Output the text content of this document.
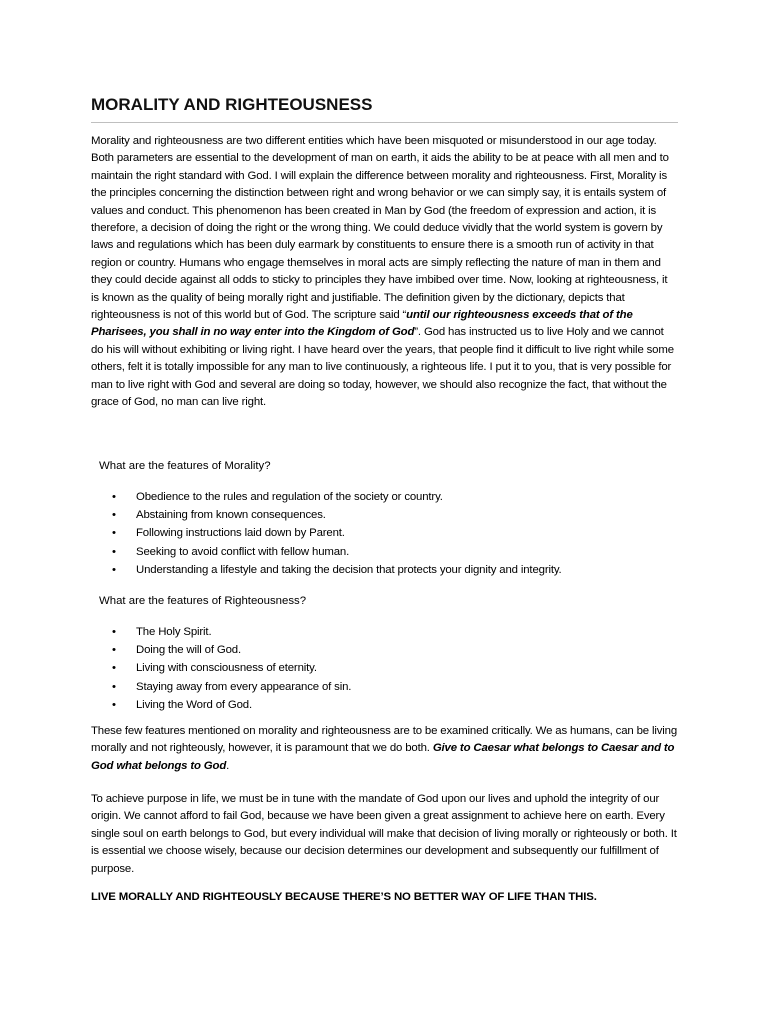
MORALITY AND RIGHTEOUSNESS

Morality and righteousness are two different entities which have been misquoted or misunderstood in our age today. Both parameters are essential to the development of man on earth, it aids the ability to be at peace with all men and to maintain the right standard with God. I will explain the difference between morality and righteousness. First, Morality is the principles concerning the distinction between right and wrong behavior or we can simply say, it is entails system of values and conduct. This phenomenon has been created in Man by God (the freedom of expression and action, it is therefore, a decision of doing the right or the wrong thing. We could deduce vividly that the world system is govern by laws and regulations which has been duly earmark by constituents to ensure there is a smooth run of activity in that region or country. Humans who engage themselves in moral acts are simply reflecting the nature of man in them and they could decide against all odds to sticky to principles they have imbibed over time. Now, looking at righteousness, it is known as the quality of being morally right and justifiable. The definition given by the dictionary, depicts that righteousness is not of this world but of God. The scripture said “until our righteousness exceeds that of the Pharisees, you shall in no way enter into the Kingdom of God”. God has instructed us to live Holy and we cannot do his will without exhibiting or living right. I have heard over the years, that people find it difficult to live right while some others, felt it is totally impossible for any man to live continuously, a righteous life. I put it to you, that is very possible for man to live right with God and several are doing so today, however, we should also recognize the fact, that without the grace of God, no man can live right.

What are the features of Morality?

• Obedience to the rules and regulation of the society or country.
• Abstaining from known consequences.
• Following instructions laid down by Parent.
• Seeking to avoid conflict with fellow human.
• Understanding a lifestyle and taking the decision that protects your dignity and integrity.

What are the features of Righteousness?

• The Holy Spirit.
• Doing the will of God.
• Living with consciousness of eternity.
• Staying away from every appearance of sin.
• Living the Word of God.

These few features mentioned on morality and righteousness are to be examined critically. We as humans, can be living morally and not righteously, however, it is paramount that we do both. Give to Caesar what belongs to Caesar and to God what belongs to God.

To achieve purpose in life, we must be in tune with the mandate of God upon our lives and uphold the integrity of our origin. We cannot afford to fail God, because we have been given a great assignment to achieve here on earth. Every single soul on earth belongs to God, but every individual will make that decision of living morally or righteously or both. It is essential we choose wisely, because our decision determines our development and subsequently our fulfillment of purpose.

LIVE MORALLY AND RIGHTEOUSLY BECAUSE THERE’S NO BETTER WAY OF LIFE THAN THIS.
